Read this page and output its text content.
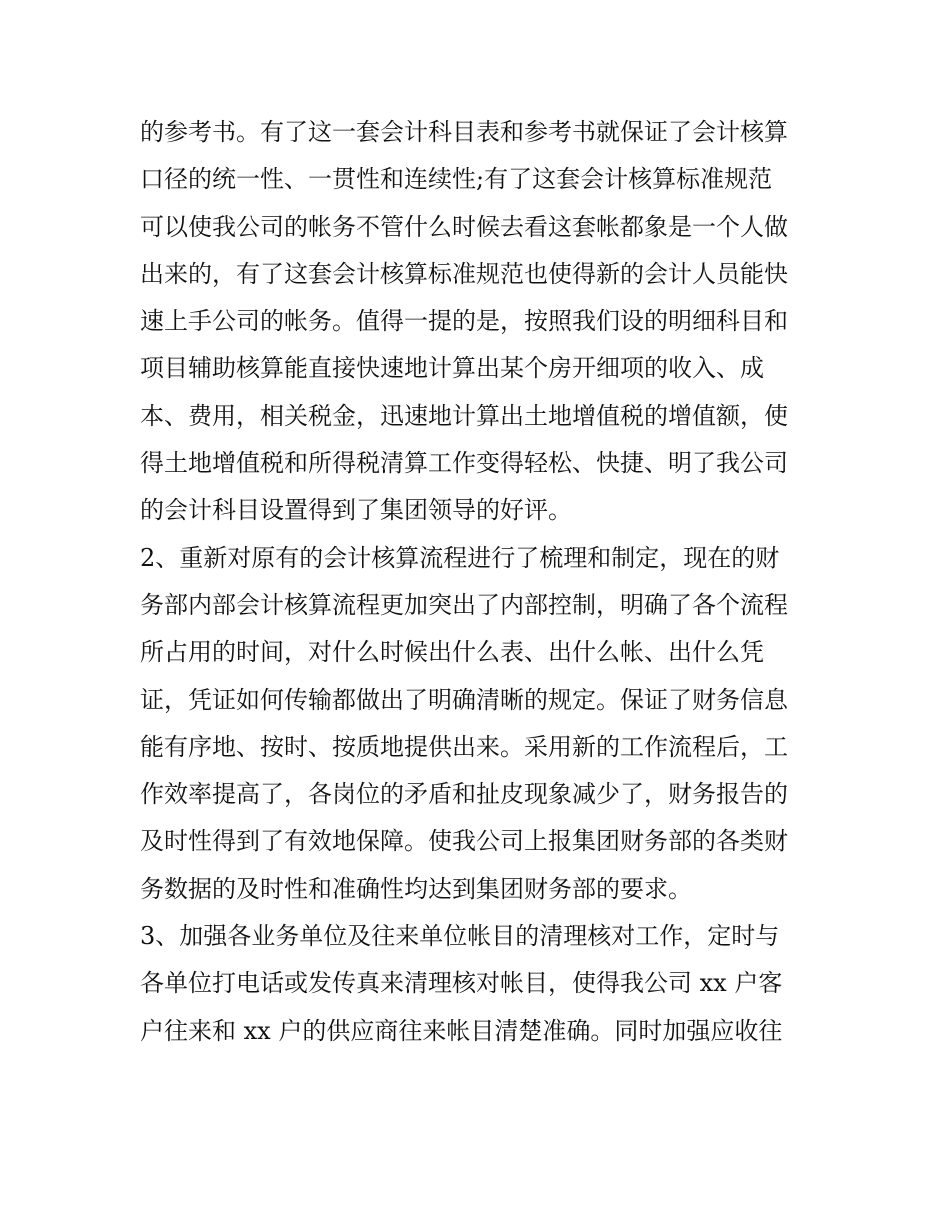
的参考书。有了这一套会计科目表和参考书就保证了会计核算
口径的统一性、一贯性和连续性;有了这套会计核算标准规范
可以使我公司的帐务不管什么时候去看这套帐都象是一个人做
出来的，有了这套会计核算标准规范也使得新的会计人员能快
速上手公司的帐务。值得一提的是，按照我们设的明细科目和
项目辅助核算能直接快速地计算出某个房开细项的收入、成
本、费用，相关税金，迅速地计算出土地增值税的增值额，使
得土地增值税和所得税清算工作变得轻松、快捷、明了我公司
的会计科目设置得到了集团领导的好评。
2、重新对原有的会计核算流程进行了梳理和制定，现在的财
务部内部会计核算流程更加突出了内部控制，明确了各个流程
所占用的时间，对什么时候出什么表、出什么帐、出什么凭
证，凭证如何传输都做出了明确清晰的规定。保证了财务信息
能有序地、按时、按质地提供出来。采用新的工作流程后，工
作效率提高了，各岗位的矛盾和扯皮现象减少了，财务报告的
及时性得到了有效地保障。使我公司上报集团财务部的各类财
务数据的及时性和准确性均达到集团财务部的要求。
3、加强各业务单位及往来单位帐目的清理核对工作，定时与
各单位打电话或发传真来清理核对帐目，使得我公司 xx 户客
户往来和 xx 户的供应商往来帐目清楚准确。同时加强应收往
